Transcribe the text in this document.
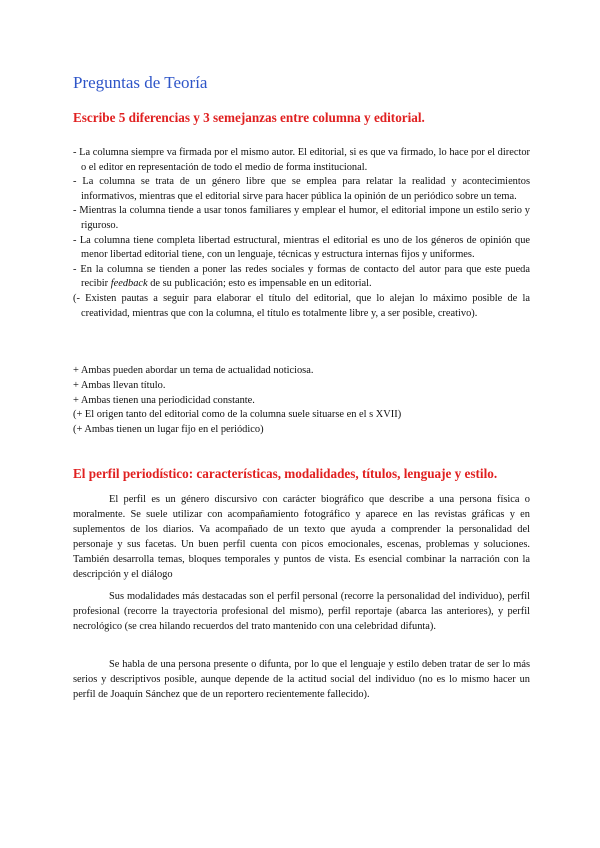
Preguntas de Teoría
Escribe 5 diferencias y 3 semejanzas entre columna y editorial.
- La columna siempre va firmada por el mismo autor. El editorial, si es que va firmado, lo hace por el director o el editor en representación de todo el medio de forma institucional.
- La columna se trata de un género libre que se emplea para relatar la realidad y acontecimientos informativos, mientras que el editorial sirve para hacer pública la opinión de un periódico sobre un tema.
- Mientras la columna tiende a usar tonos familiares y emplear el humor, el editorial impone un estilo serio y riguroso.
- La columna tiene completa libertad estructural, mientras el editorial es uno de los géneros de opinión que menor libertad editorial tiene, con un lenguaje, técnicas y estructura internas fijos y uniformes.
- En la columna se tienden a poner las redes sociales y formas de contacto del autor para que este pueda recibir feedback de su publicación; esto es impensable en un editorial.
(- Existen pautas a seguir para elaborar el título del editorial, que lo alejan lo máximo posible de la creatividad, mientras que con la columna, el título es totalmente libre y, a ser posible, creativo).
+ Ambas pueden abordar un tema de actualidad noticiosa.
+ Ambas llevan título.
+ Ambas tienen una periodicidad constante.
(+ El origen tanto del editorial como de la columna suele situarse en el s XVII)
(+ Ambas tienen un lugar fijo en el periódico)
El perfil periodístico: características, modalidades, títulos, lenguaje y estilo.

El perfil es un género discursivo con carácter biográfico que describe a una persona física o moralmente. Se suele utilizar con acompañamiento fotográfico y aparece en las revistas gráficas y en suplementos de los diarios. Va acompañado de un texto que ayuda a comprender la personalidad del personaje y sus facetas. Un buen perfil cuenta con picos emocionales, escenas, problemas y soluciones. También desarrolla temas, bloques temporales y puntos de vista. Es esencial combinar la narración con la descripción y el diálogo

Sus modalidades más destacadas son el perfil personal (recorre la personalidad del individuo), perfil profesional (recorre la trayectoria profesional del mismo), perfil reportaje (abarca las anteriores), y perfil necrológico (se crea hilando recuerdos del trato mantenido con una celebridad difunta).

Se habla de una persona presente o difunta, por lo que el lenguaje y estilo deben tratar de ser lo más serios y descriptivos posible, aunque depende de la actitud social del individuo (no es lo mismo hacer un perfil de Joaquín Sánchez que de un reportero recientemente fallecido).
